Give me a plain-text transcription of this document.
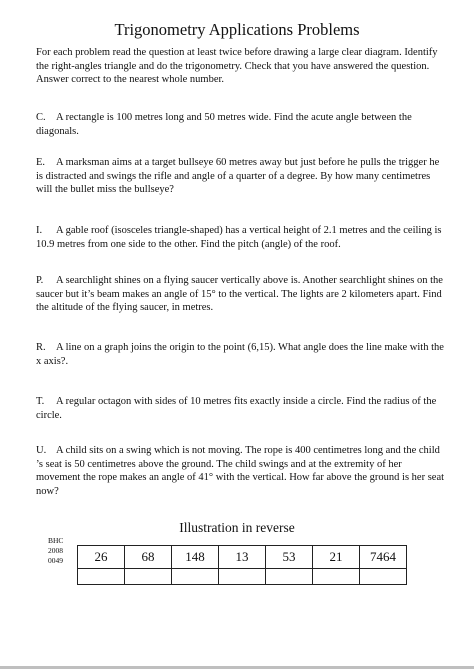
Trigonometry Applications Problems

For each problem read the question at least twice before drawing a large clear diagram. Identify the right-angles triangle and do the trigonometry. Check that you have answered the question. Answer correct to the nearest whole number.

C. A rectangle is 100 metres long and 50 metres wide. Find the acute angle between the diagonals.

E. A marksman aims at a target bullseye 60 metres away but just before he pulls the trigger he is distracted and swings the rifle and angle of a quarter of a degree. By how many centimetres will the bullet miss the bullseye?

I. A gable roof (isosceles triangle-shaped) has a vertical height of 2.1 metres and the ceiling is 10.9 metres from one side to the other. Find the pitch (angle) of the roof.

P. A searchlight shines on a flying saucer vertically above is. Another searchlight shines on the saucer but it’s beam makes an angle of 15° to the vertical. The lights are 2 kilometers apart. Find the altitude of the flying saucer, in metres.

R. A line on a graph joins the origin to the point (6,15). What angle does the line make with the x axis?.

T. A regular octagon with sides of 10 metres fits exactly inside a circle. Find the radius of the circle.

U. A child sits on a swing which is not moving. The rope is 400 centimetres long and the child ’s seat is 50 centimetres above the ground. The child swings and at the extremity of her movement the rope makes an angle of 41° with the vertical. How far above the ground is her seat now?

Illustration in reverse
BHC
2008
0049 26	68	148	13	53	21	7464
